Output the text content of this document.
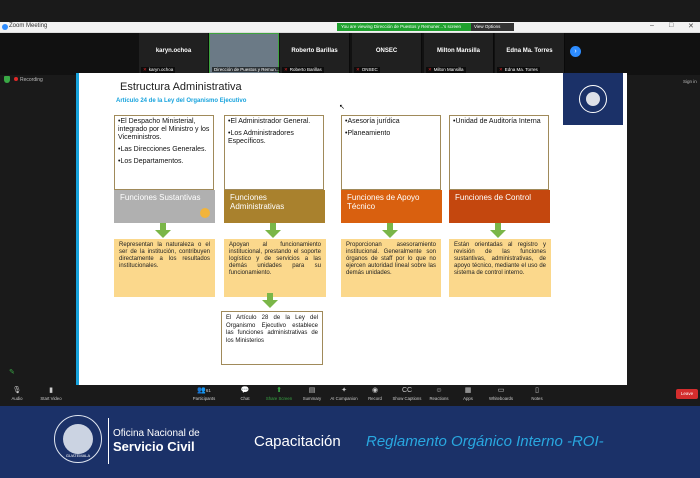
Zoom Meeting	You are viewing Dirección de Puestos y Remuner...'s screen	View Options	– □ ✕
karyn.ochoa
✕ karyn.ochoa	Dirección de Puestos y Remun...
Roberto Barillas
✕ Roberto Barillas
ONSEC
✕ ONSEC
Milton Mansilla
✕ Milton Mansilla
Edna Ma. Torres
✕ Edna Ma. Torres
›
Recording	Sign in
✎
Estructura Administrativa
Artículo 24 de la Ley del Organismo Ejecutivo
↖

•El Despacho Ministerial, integrado por el Ministro y los Viceministros.

•Las Direcciones Generales.

•Los Departamentos.

Funciones Sustantivas
Representan la naturaleza o el ser de la institución, contribuyen directamente a los resultados institucionales.

•El Administrador General.

•Los Administradores Específicos.

Funciones Administrativas
Apoyan al funcionamiento institucional, prestando el soporte logístico y de servicios a las demás unidades para su funcionamiento.
El Artículo 28 de la Ley del Organismo Ejecutivo establece las funciones administrativas de los Ministerios

•Asesoría jurídica

•Planeamiento

Funciones de Apoyo Técnico
Proporcionan asesoramiento institucional. Generalmente son órganos de staff por lo que no ejercen autoridad lineal sobre las demás unidades.

•Unidad de Auditoría Interna

Funciones de Control
Están orientadas al registro y revisión de las funciones sustantivas, administrativas, de apoyo técnico, mediante el uso de sistema de control interno.
🎙
Audio
▮
Start Video
👥61
Participants
💬
Chat
⬆
Share Screen
▤
Summary
✦
AI Companion
◉
Record
CC
Show Captions
☺
Reactions
▦
Apps
▭
Whiteboards
▯
Notes
Leave
GUATEMALA
Oficina Nacional de
Servicio Civil	Capacitación Reglamento Orgánico Interno -ROI-
